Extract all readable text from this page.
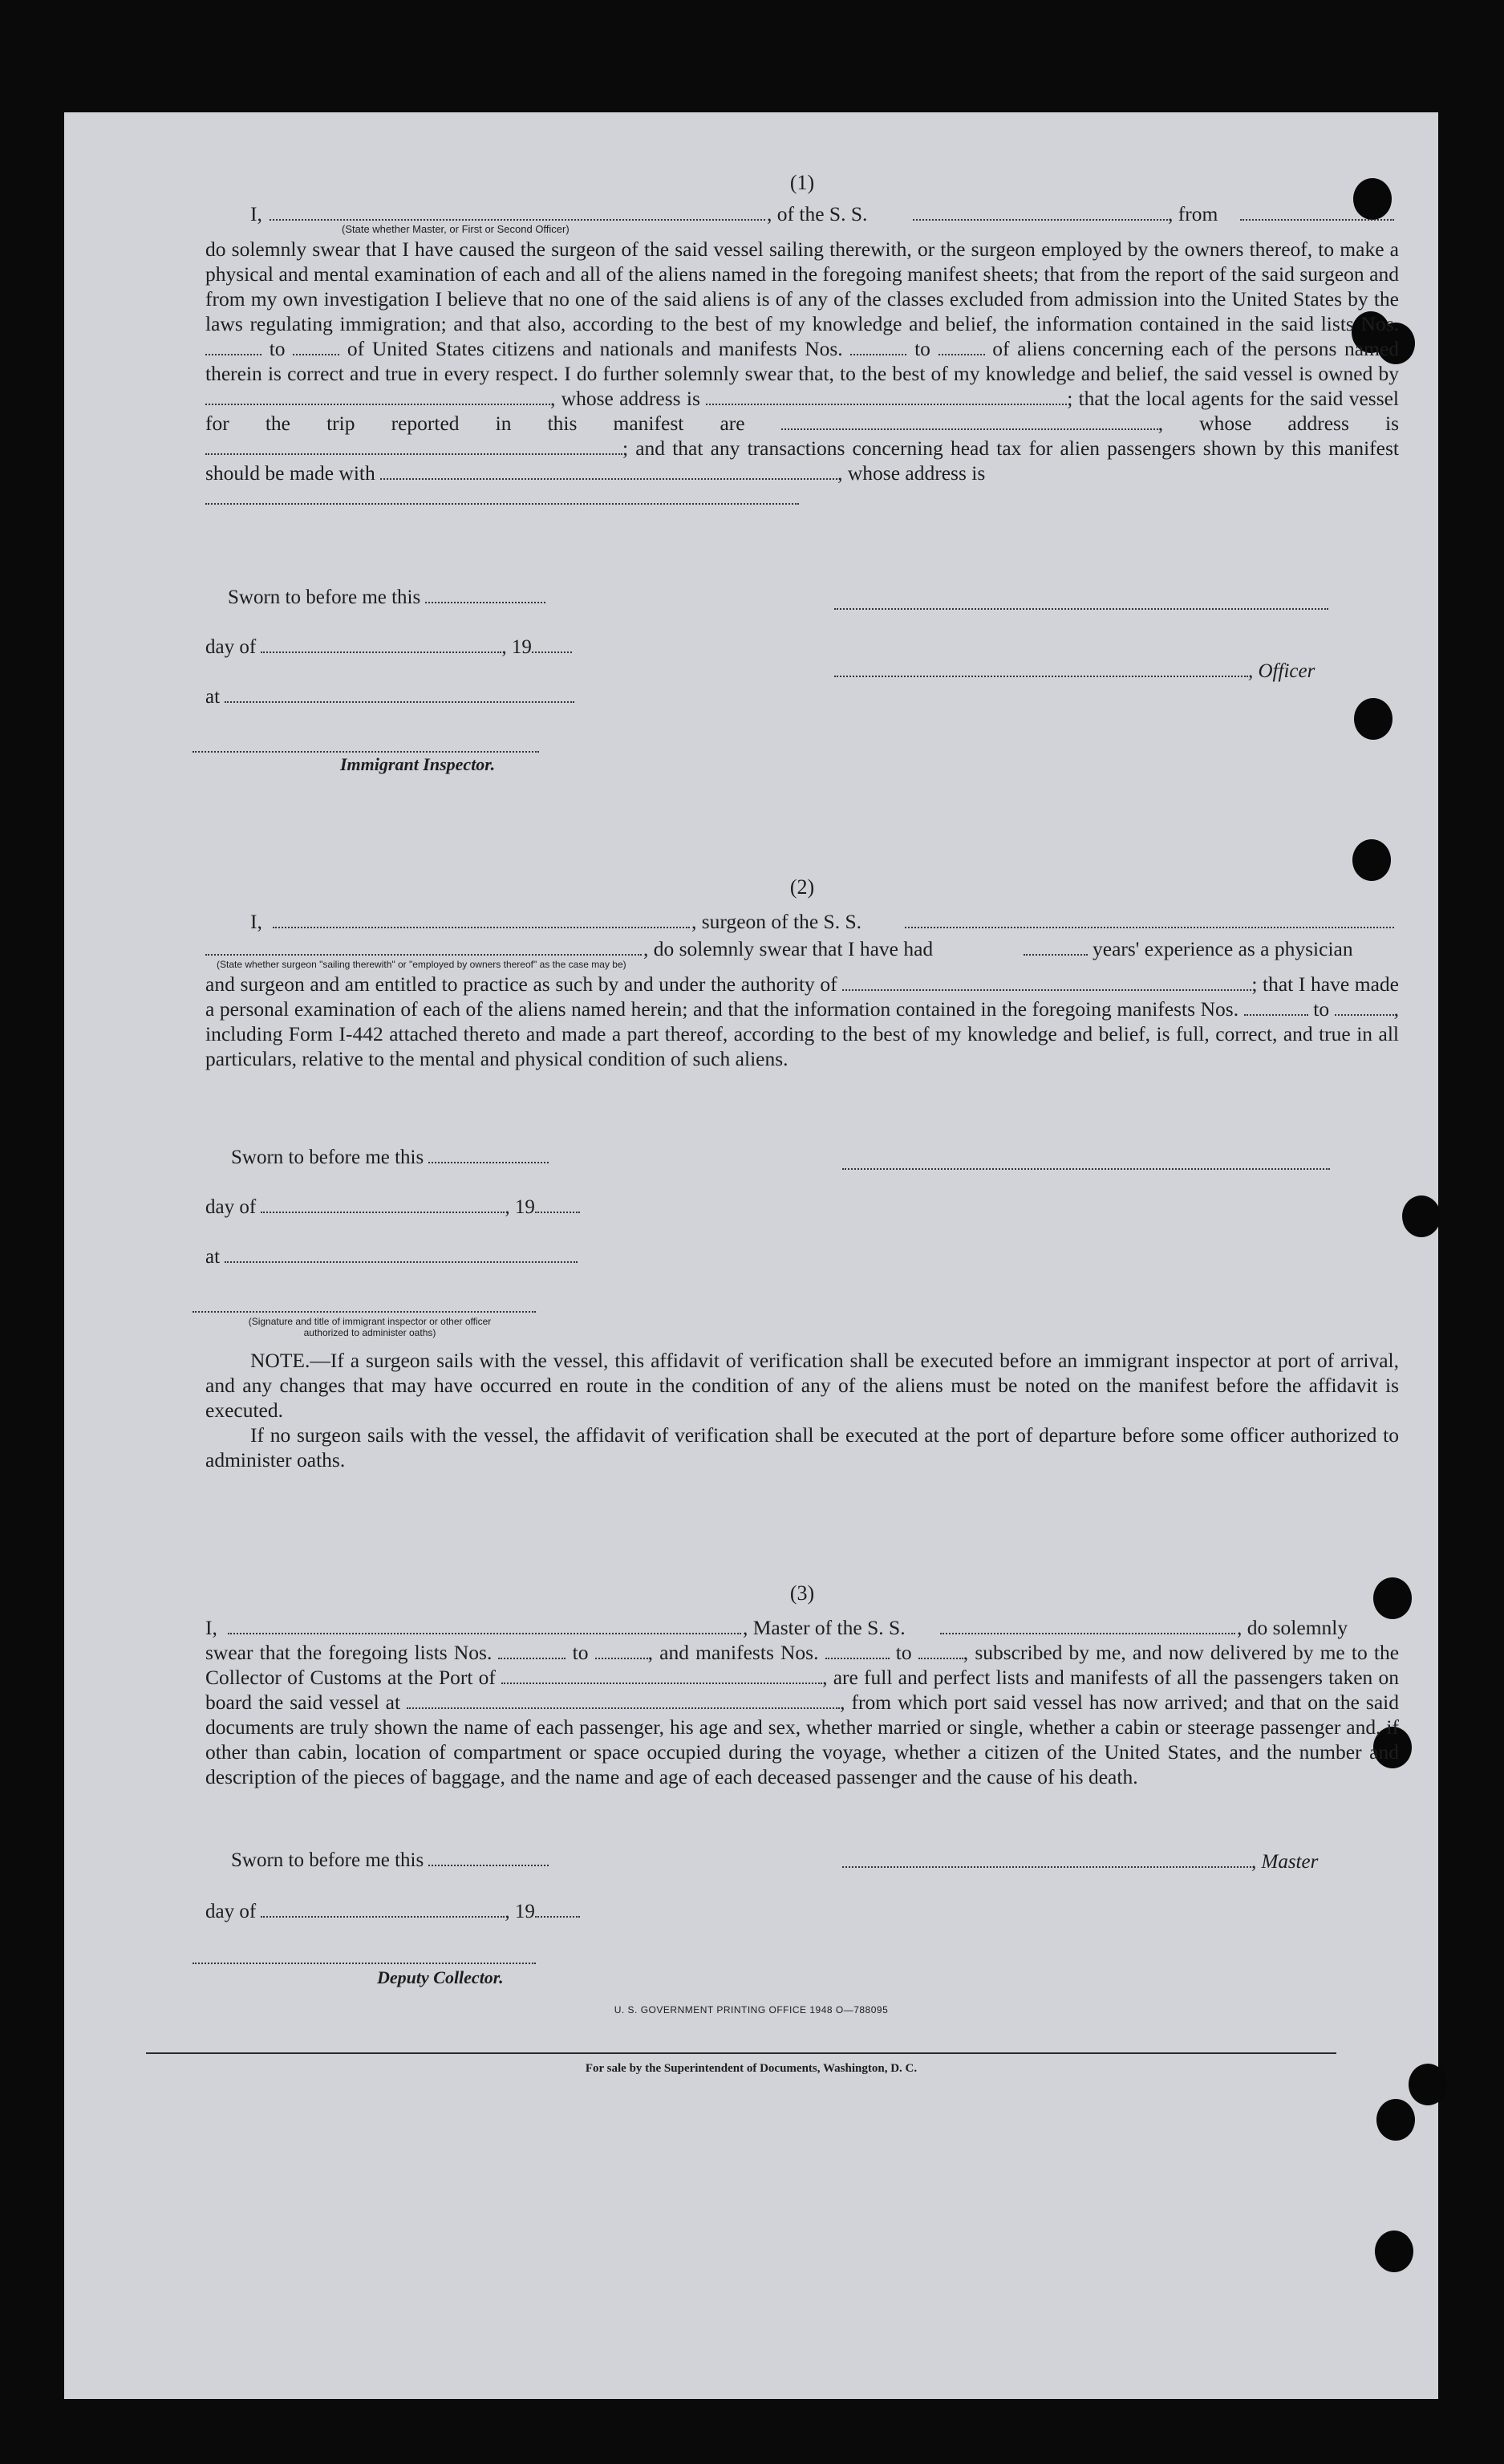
(1)
I,	, of the S. S.	, from
(State whether Master, or First or Second Officer)

do solemnly swear that I have caused the surgeon of the said vessel sailing therewith, or the surgeon employed by the owners thereof, to make a physical and mental examination of each and all of the aliens named in the foregoing manifest sheets; that from the report of the said surgeon and from my own investigation I believe that no one of the said aliens is of any of the classes excluded from admission into the United States by the laws regulating immigration; and that also, according to the best of my knowledge and belief, the information contained in the said lists Nos.  to	of United States citizens and nationals and manifests Nos.	to	of aliens concerning each of the persons named therein is correct and true in every respect. I do further solemnly swear that, to the best of my knowledge and belief, the said vessel is owned by , whose address is	; that the local agents for the said vessel for the trip reported in this manifest are	, whose address is ; and that any transactions concerning head tax for alien passengers shown by this manifest should be made with	, whose address is

Sworn to before me this
day of	, 19
, Officer
at
Immigrant Inspector.
(2)
I,	, surgeon of the S. S.
, do solemnly swear that I have had	years' experience as a physician
(State whether surgeon "sailing therewith" or "employed by owners thereof" as the case may be)

and surgeon and am entitled to practice as such by and under the authority of	; that I have made a personal examination of each of the aliens named herein; and that the information contained in the foregoing manifests Nos.	to	, including Form I-442 attached thereto and made a part thereof, according to the best of my knowledge and belief, is full, correct, and true in all particulars, relative to the mental and physical condition of such aliens.

Sworn to before me this
day of	, 19
at
(Signature and title of immigrant inspector or other officer authorized to administer oaths)

NOTE.—If a surgeon sails with the vessel, this affidavit of verification shall be executed before an immigrant inspector at port of arrival, and any changes that may have occurred en route in the condition of any of the aliens must be noted on the manifest before the affidavit is executed.

If no surgeon sails with the vessel, the affidavit of verification shall be executed at the port of departure before some officer authorized to administer oaths.

(3)
I,	, Master of the S. S.	, do solemnly

swear that the foregoing lists Nos.	to	, and manifests Nos.	to	, subscribed by me, and now delivered by me to the Collector of Customs at the Port of	, are full and perfect lists and manifests of all the passengers taken on board the said vessel at	, from which port said vessel has now arrived; and that on the said documents are truly shown the name of each passenger, his age and sex, whether married or single, whether a cabin or steerage passenger and, if other than cabin, location of compartment or space occupied during the voyage, whether a citizen of the United States, and the number and description of the pieces of baggage, and the name and age of each deceased passenger and the cause of his death.

Sworn to before me this	, Master
day of	, 19
Deputy Collector.
U. S. GOVERNMENT PRINTING OFFICE 1948 O—788095
For sale by the Superintendent of Documents, Washington, D. C.
